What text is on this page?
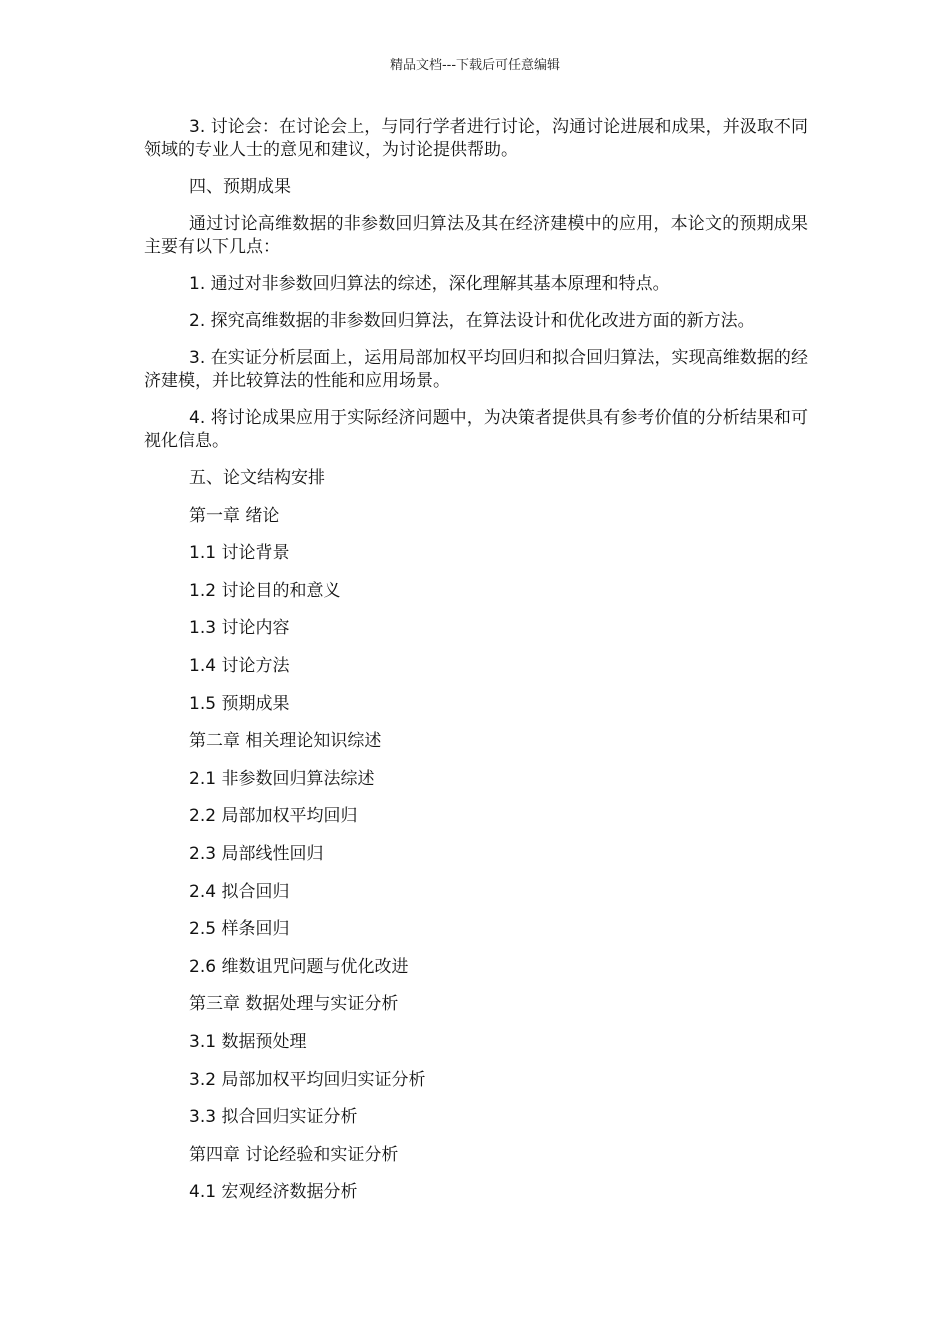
精品文档---下载后可任意编辑

3. 讨论会：在讨论会上，与同行学者进行讨论，沟通讨论进展和成果，并汲取不同领域的专业人士的意见和建议，为讨论提供帮助。

四、预期成果

通过讨论高维数据的非参数回归算法及其在经济建模中的应用，本论文的预期成果主要有以下几点：

1. 通过对非参数回归算法的综述，深化理解其基本原理和特点。

2. 探究高维数据的非参数回归算法，在算法设计和优化改进方面的新方法。

3. 在实证分析层面上，运用局部加权平均回归和拟合回归算法，实现高维数据的经济建模，并比较算法的性能和应用场景。

4. 将讨论成果应用于实际经济问题中，为决策者提供具有参考价值的分析结果和可视化信息。

五、论文结构安排
第一章 绪论
1.1 讨论背景
1.2 讨论目的和意义
1.3 讨论内容
1.4 讨论方法
1.5 预期成果
第二章 相关理论知识综述
2.1 非参数回归算法综述
2.2 局部加权平均回归
2.3 局部线性回归
2.4 拟合回归
2.5 样条回归
2.6 维数诅咒问题与优化改进
第三章 数据处理与实证分析
3.1 数据预处理
3.2 局部加权平均回归实证分析
3.3 拟合回归实证分析
第四章 讨论经验和实证分析
4.1 宏观经济数据分析
